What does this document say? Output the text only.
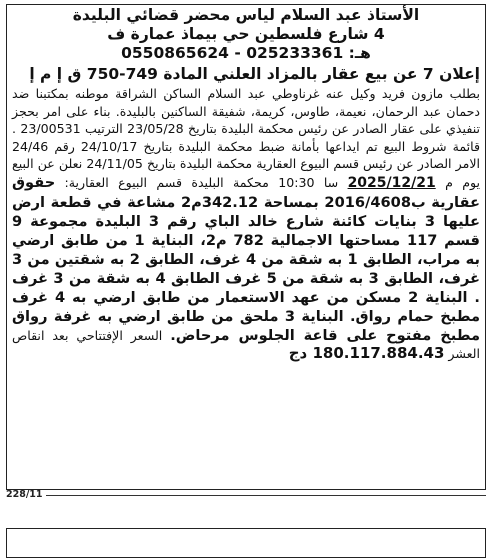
الأستاذ عبد السلام لياس محضر قضائي البليدة
4 شارع فلسطين حي بيماذ عمارة ف
هـ: 025233361 - 0550865624
إعلان 7 عن بيع عقار بالمزاد العلني المادة 749-750 ق إ م إ
بطلب مازون فريد وكيل عنه غرناوطي عبد السلام الساكن الشراقة موطنه بمكتبنا ضد دحمان عبد الرحمان، نعيمة، طاوس، كريمة، شفيقة الساكنين بالبليدة. بناء على امر بحجز تنفيذي على عقار الصادر عن رئيس محكمة البليدة بتاريخ 23/05/28 الترتيب 23/00531 . قائمة شروط البيع تم ايداعها بأمانة ضبط محكمة البليدة بتاريخ 24/10/17 رقم 24/46 الامر الصادر عن رئيس قسم البيوع العقارية محكمة البليدة بتاريخ 24/11/05 نعلن عن البيع يوم م 2025/12/21 سا 10:30 محكمة البليدة قسم البيوع العقارية: حقوق عقارية ب2016/4608 بمساحة 342.12م2 مشاعة في قطعة ارض عليها 3 بنايات كائنة شارع خالد الباي رقم 3 البليدة مجموعة 9 قسم 117 مساحتها الاجمالية 782 م2، البناية 1 من طابق ارضي به مراب، الطابق 1 به شقة من 4 غرف، الطابق 2 به شقتين من 3 غرف، الطابق 3 به شقة من 5 غرف الطابق 4 به شقة من 3 غرف . البناية 2 مسكن من عهد الاستعمار من طابق ارضي به 4 غرف مطبخ حمام رواق. البناية 3 ملحق من طابق ارضي به غرفة رواق مطبخ مفتوح على قاعة الجلوس مرحاض. السعر الإفتتاحي بعد انقاص العشر 180.117.884.43 دج
228/11
